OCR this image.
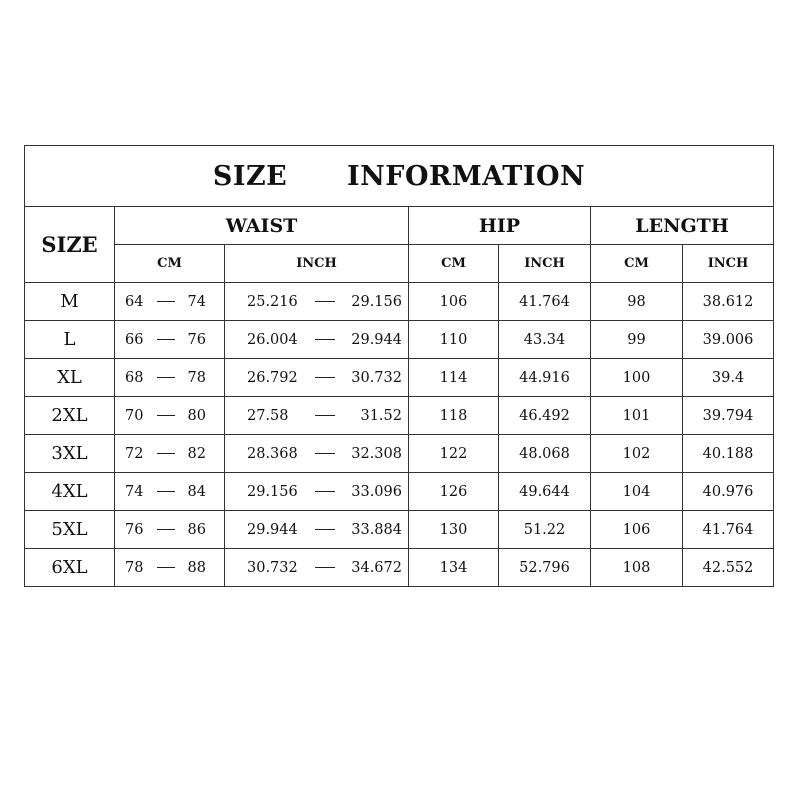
SIZE   INFORMATION						
SIZE	WAIST		HIP		LENGTH	
	CM	INCH	CM	INCH	CM	INCH
M	64 74	25.216 29.156	106	41.764	98	38.612
L	66 76	26.004 29.944	110	43.34	99	39.006
XL	68 78	26.792 30.732	114	44.916	100	39.4
2XL	70 80	27.58 31.52	118	46.492	101	39.794
3XL	72 82	28.368 32.308	122	48.068	102	40.188
4XL	74 84	29.156 33.096	126	49.644	104	40.976
5XL	76 86	29.944 33.884	130	51.22	106	41.764
6XL	78 88	30.732 34.672	134	52.796	108	42.552
